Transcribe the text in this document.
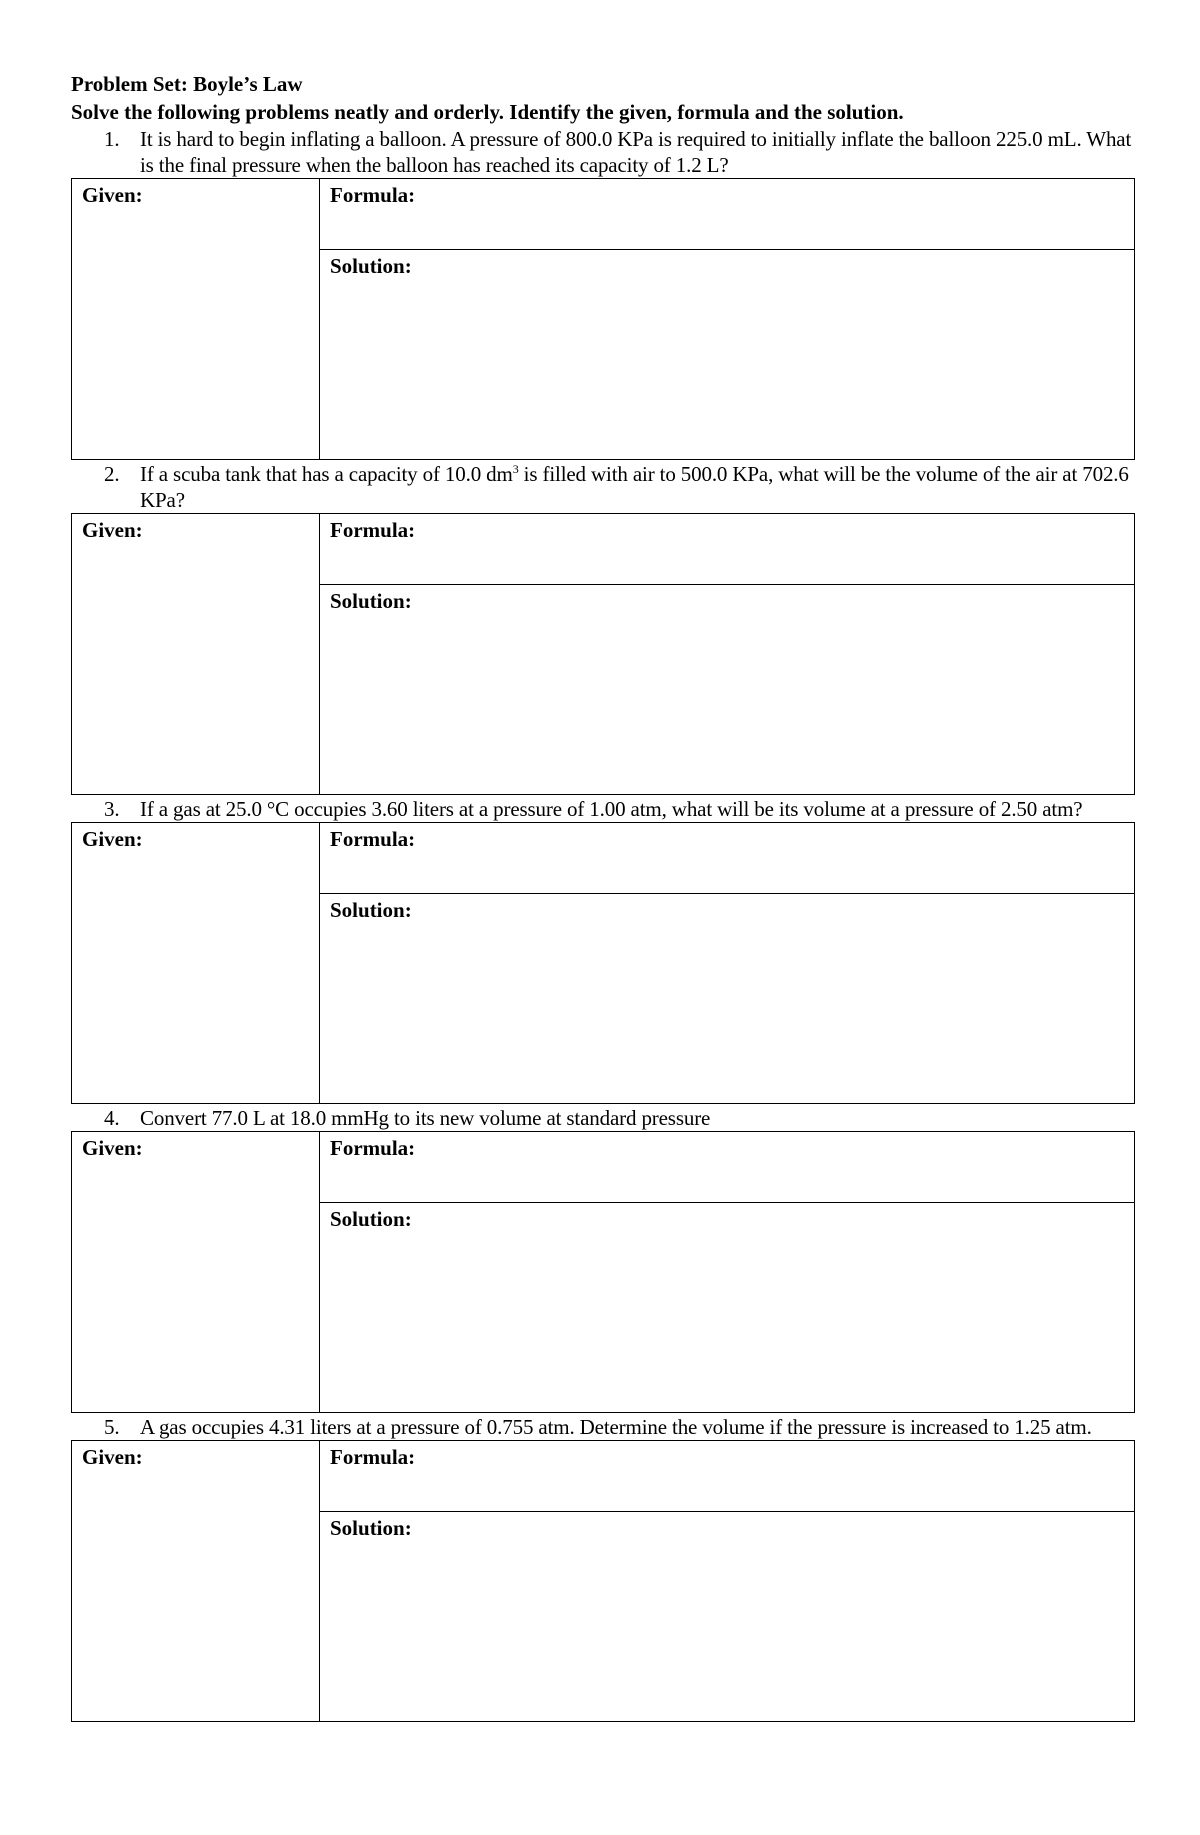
Problem Set: Boyle’s Law
Solve the following problems neatly and orderly. Identify the given, formula and the solution.
1. It is hard to begin inflating a balloon. A pressure of 800.0 KPa is required to initially inflate the balloon 225.0 mL. What is the final pressure when the balloon has reached its capacity of 1.2 L?
Given:	Formula:
Solution:
2. If a scuba tank that has a capacity of 10.0 $dm^3$ is filled with air to 500.0 KPa, what will be the volume of the air at 702.6 KPa?
Given:	Formula:
Solution:
3. If a gas at 25.0 °C occupies 3.60 liters at a pressure of 1.00 atm, what will be its volume at a pressure of 2.50 atm?
Given:	Formula:
Solution:
4. Convert 77.0 L at 18.0 mmHg to its new volume at standard pressure
Given:	Formula:
Solution:
5. A gas occupies 4.31 liters at a pressure of 0.755 atm. Determine the volume if the pressure is increased to 1.25 atm.
Given:	Formula:
Solution:
